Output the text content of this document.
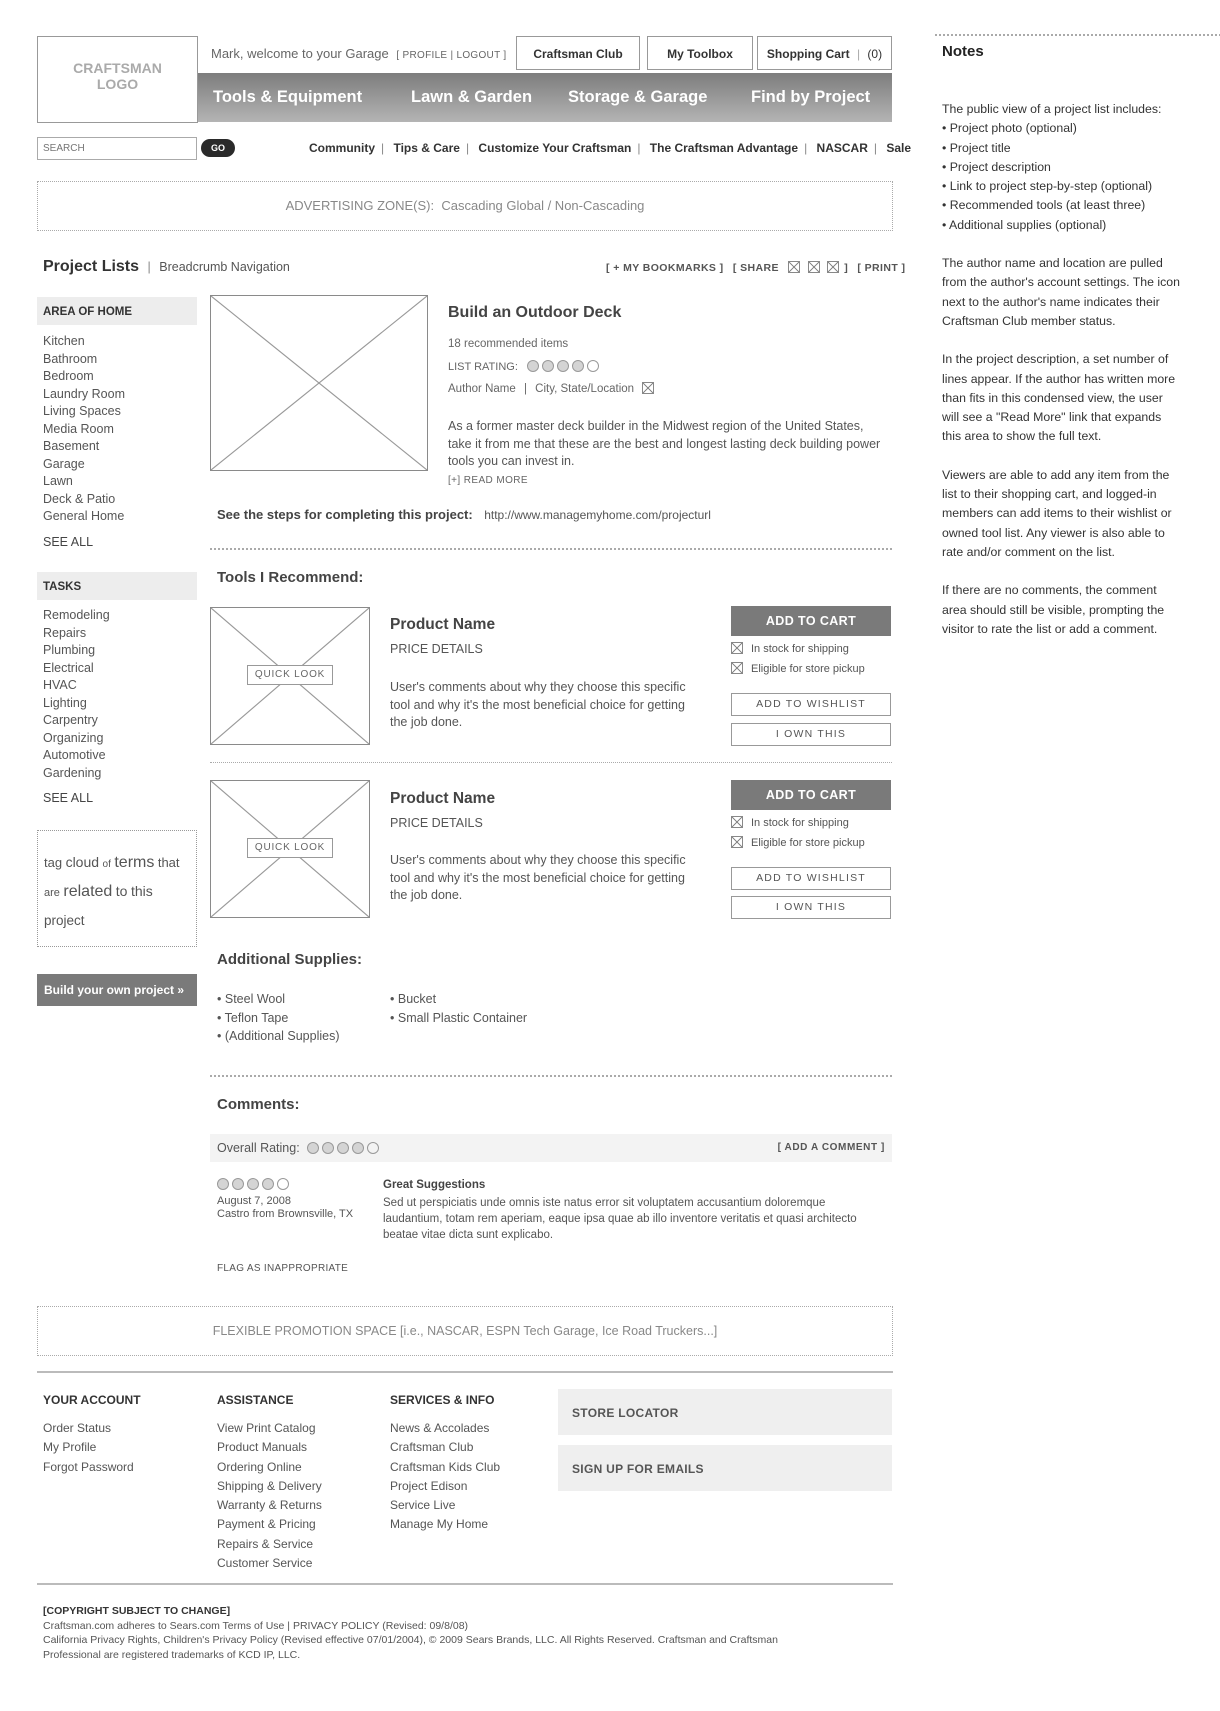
CRAFTSMAN
LOGO
Mark, welcome to your Garage [ PROFILE | LOGOUT ]	Craftsman Club	My Toolbox	Shopping Cart | (0)
Tools & Equipment	Lawn & Garden Storage & Garage	Find by Project
SEARCH
GO	Community | Tips & Care | Customize Your Craftsman | The Craftsman Advantage | NASCAR | Sale
ADVERTISING ZONE(S): Cascading Global / Non-Cascading
Project Lists | Breadcrumb Navigation	[ + MY BOOKMARKS ] [ SHARE	] [ PRINT ]
AREA OF HOME
Kitchen
Bathroom
Bedroom
Laundry Room
Living Spaces
Media Room
Basement
Garage
Lawn
Deck & Patio
General Home
SEE ALL
TASKS
Remodeling
Repairs
Plumbing
Electrical
HVAC
Lighting
Carpentry
Organizing
Automotive
Gardening
SEE ALL
tag cloud of terms that are related to this project
Build your own project »
Build an Outdoor Deck
18 recommended items
LIST RATING:
Author Name | City, State/Location
As a former master deck builder in the Midwest region of the United States, take it from me that these are the best and longest lasting deck building power tools you can invest in.
[+] READ MORE
See the steps for completing this project: http://www.managemyhome.com/projecturl
Tools I Recommend:
QUICK LOOK
Product Name
PRICE DETAILS
User's comments about why they choose this specific tool and why it's the most beneficial choice for getting the job done.
ADD TO CART
In stock for shipping
Eligible for store pickup
ADD TO WISHLIST
I OWN THIS
QUICK LOOK
Product Name
PRICE DETAILS
User's comments about why they choose this specific tool and why it's the most beneficial choice for getting the job done.
ADD TO CART
In stock for shipping
Eligible for store pickup
ADD TO WISHLIST
I OWN THIS
Additional Supplies:
• Steel Wool
• Teflon Tape
• (Additional Supplies)
• Bucket
• Small Plastic Container
Comments:
Overall Rating:	[ ADD A COMMENT ]
August 7, 2008
Castro from Brownsville, TX
Great Suggestions
Sed ut perspiciatis unde omnis iste natus error sit voluptatem accusantium doloremque laudantium, totam rem aperiam, eaque ipsa quae ab illo inventore veritatis et quasi architecto beatae vitae dicta sunt explicabo.
FLAG AS INAPPROPRIATE
FLEXIBLE PROMOTION SPACE [i.e., NASCAR, ESPN Tech Garage, Ice Road Truckers...]
YOUR ACCOUNT
Order Status
My Profile
Forgot Password
ASSISTANCE
View Print Catalog
Product Manuals
Ordering Online
Shipping & Delivery
Warranty & Returns
Payment & Pricing
Repairs & Service
Customer Service
SERVICES & INFO
News & Accolades
Craftsman Club
Craftsman Kids Club
Project Edison
Service Live
Manage My Home
STORE LOCATOR
SIGN UP FOR EMAILS
[COPYRIGHT SUBJECT TO CHANGE]
Craftsman.com adheres to Sears.com Terms of Use | PRIVACY POLICY (Revised: 09/8/08)
California Privacy Rights, Children's Privacy Policy (Revised effective 07/01/2004), © 2009 Sears Brands, LLC. All Rights Reserved. Craftsman and Craftsman
Professional are registered trademarks of KCD IP, LLC.
Notes
The public view of a project list includes:
• Project photo (optional)
• Project title
• Project description
• Link to project step-by-step (optional)
• Recommended tools (at least three)
• Additional supplies (optional)

The author name and location are pulled from the author's account settings. The icon next to the author's name indicates their Craftsman Club member status.

In the project description, a set number of lines appear. If the author has written more than fits in this condensed view, the user will see a "Read More" link that expands this area to show the full text.

Viewers are able to add any item from the list to their shopping cart, and logged-in members can add items to their wishlist or owned tool list. Any viewer is also able to rate and/or comment on the list.

If there are no comments, the comment area should still be visible, prompting the visitor to rate the list or add a comment.
